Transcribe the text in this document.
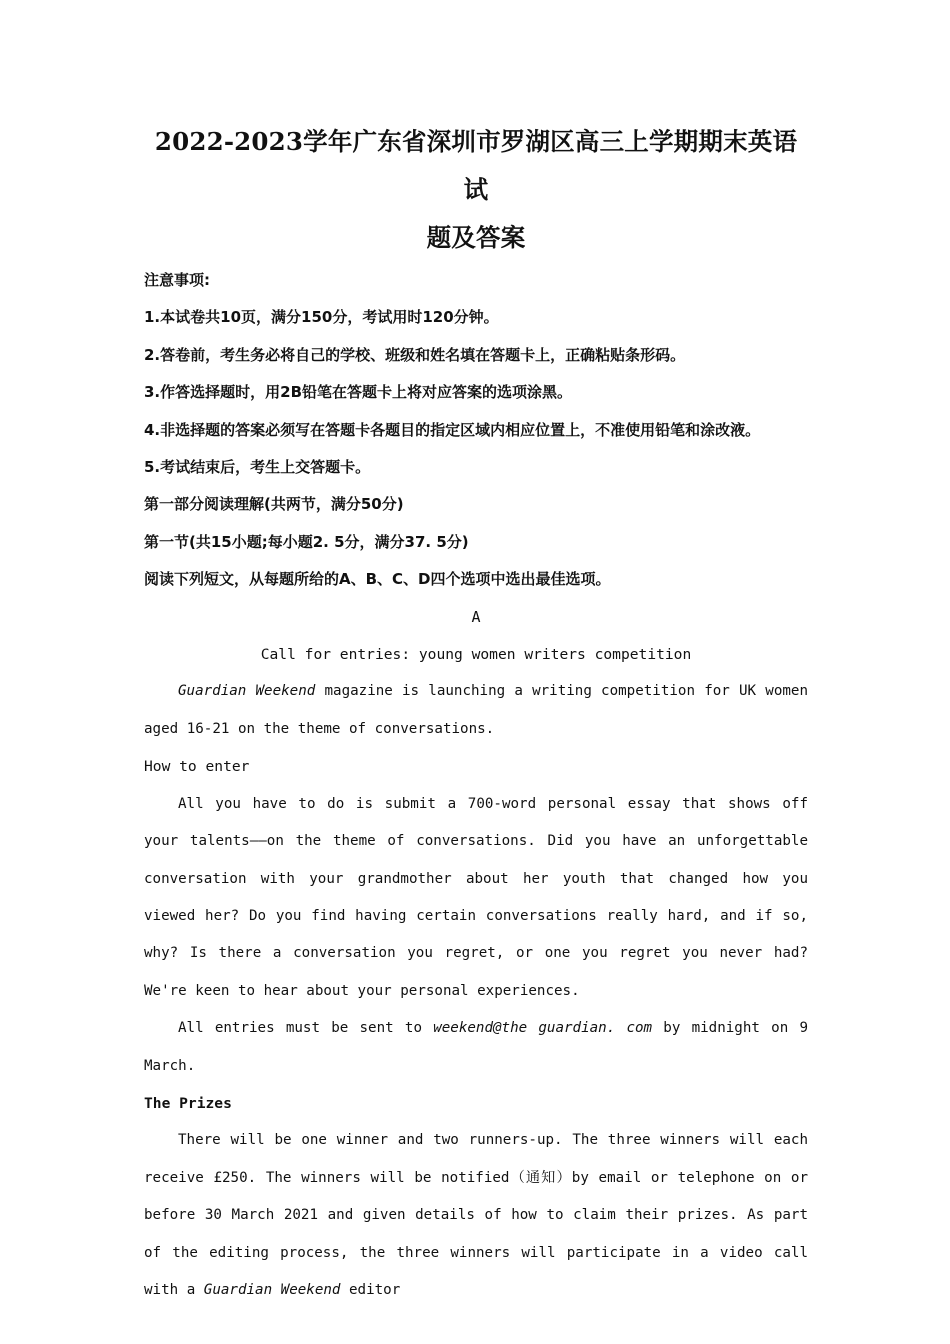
2022-2023学年广东省深圳市罗湖区高三上学期期末英语试
题及答案

注意事项:

1.本试卷共10页，满分150分，考试用时120分钟。

2.答卷前，考生务必将自己的学校、班级和姓名填在答题卡上，正确粘贴条形码。

3.作答选择题时，用2B铅笔在答题卡上将对应答案的选项涂黑。

4.非选择题的答案必须写在答题卡各题目的指定区域内相应位置上，不准使用铅笔和涂改液。

5.考试结束后，考生上交答题卡。

第一部分阅读理解(共两节，满分50分)

第一节(共15小题;每小题2. 5分，满分37. 5分)

阅读下列短文，从每题所给的A、B、C、D四个选项中选出最佳选项。

A

Call for entries: young women writers competition

Guardian Weekend magazine is launching a writing competition for UK women aged 16-21 on the theme of conversations.

How to enter

All you have to do is submit a 700-word personal essay that shows off your talents——on the theme of conversations. Did you have an unforgettable conversation with your grandmother about her youth that changed how you viewed her? Do you find having certain conversations really hard, and if so, why? Is there a conversation you regret, or one you regret you never had? We're keen to hear about your personal experiences.

All entries must be sent to weekend@the guardian. com by midnight on 9 March.

The Prizes

There will be one winner and two runners-up. The three winners will each receive £250. The winners will be notified（通知）by email or telephone on or before 30 March 2021 and given details of how to claim their prizes. As part of the editing process, the three winners will participate in a video call with a Guardian Weekend editor
